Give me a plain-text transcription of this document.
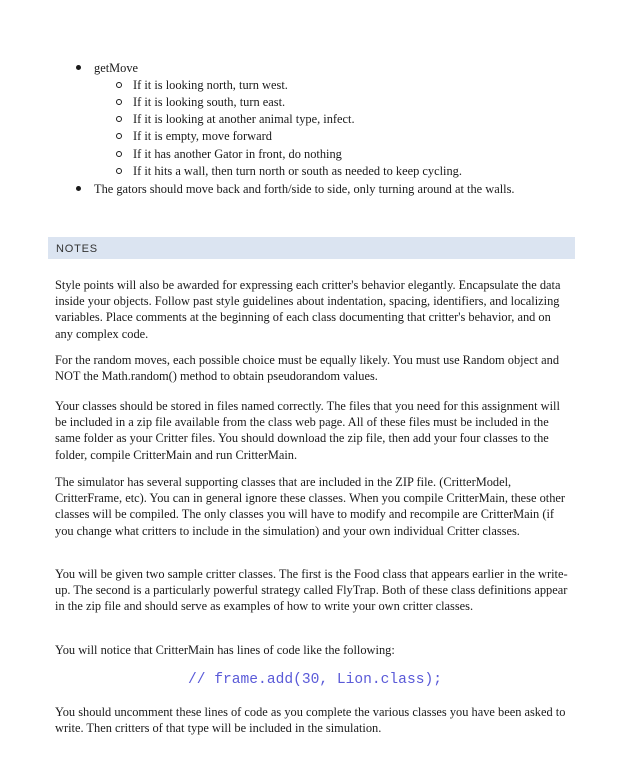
getMove
If it is looking north, turn west.
If it is looking south, turn east.
If it is looking at another animal type, infect.
If it is empty, move forward
If it has another Gator in front, do nothing
If it hits a wall, then turn north or south as needed to keep cycling.
The gators should move back and forth/side to side, only turning around at the walls.
NOTES

Style points will also be awarded for expressing each critter's behavior elegantly. Encapsulate the data inside your objects. Follow past style guidelines about indentation, spacing, identifiers, and localizing variables. Place comments at the beginning of each class documenting that critter's behavior, and on any complex code.

For the random moves, each possible choice must be equally likely. You must use Random object and NOT the Math.random() method to obtain pseudorandom values.

Your classes should be stored in files named correctly. The files that you need for this assignment will be included in a zip file available from the class web page. All of these files must be included in the same folder as your Critter files. You should download the zip file, then add your four classes to the folder, compile CritterMain and run CritterMain.

The simulator has several supporting classes that are included in the ZIP file. (CritterModel, CritterFrame, etc). You can in general ignore these classes. When you compile CritterMain, these other classes will be compiled. The only classes you will have to modify and recompile are CritterMain (if you change what critters to include in the simulation) and your own individual Critter classes.

You will be given two sample critter classes. The first is the Food class that appears earlier in the write-up. The second is a particularly powerful strategy called FlyTrap. Both of these class definitions appear in the zip file and should serve as examples of how to write your own critter classes.

You will notice that CritterMain has lines of code like the following:

// frame.add(30, Lion.class);

You should uncomment these lines of code as you complete the various classes you have been asked to write. Then critters of that type will be included in the simulation.
